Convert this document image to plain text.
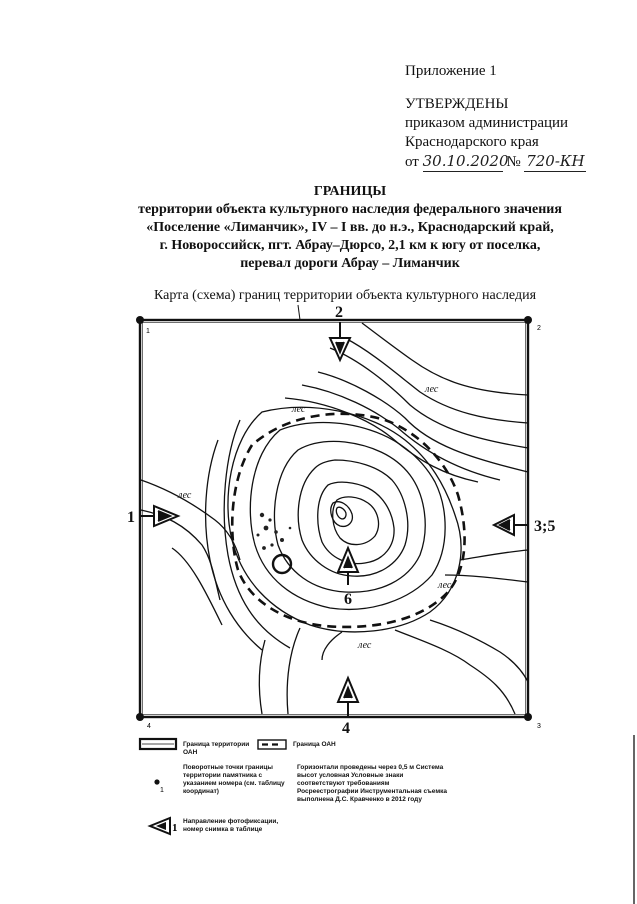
Приложение 1
УТВЕРЖДЕНЫ
приказом администрации
Краснодарского края
от 30.10.2020 № 720-КН
ГРАНИЦЫ
территории объекта культурного наследия федерального значения
«Поселение «Лиманчик», IV – I вв. до н.э., Краснодарский край,
г. Новороссийск, пгт. Абрау–Дюрсо, 2,1 км к югу от поселка,
перевал дороги Абрау – Лиманчик
Карта (схема) границ территории объекта культурного наследия
1	2
3
4
лес
лес
лес
лес
лес
2
1
3;5
4
6
1
1
Граница территории ОАН
Граница ОАН
Поворотные точки границы территории памятника с указанием номера (см. таблицу координат)
Направление фотофиксации, номер снимка в таблице
Горизонтали проведены через 0,5 м Система высот условная Условные знаки соответствуют требованиям Росреестрографии Инструментальная съемка выполнена Д.С. Кравченко в 2012 году
